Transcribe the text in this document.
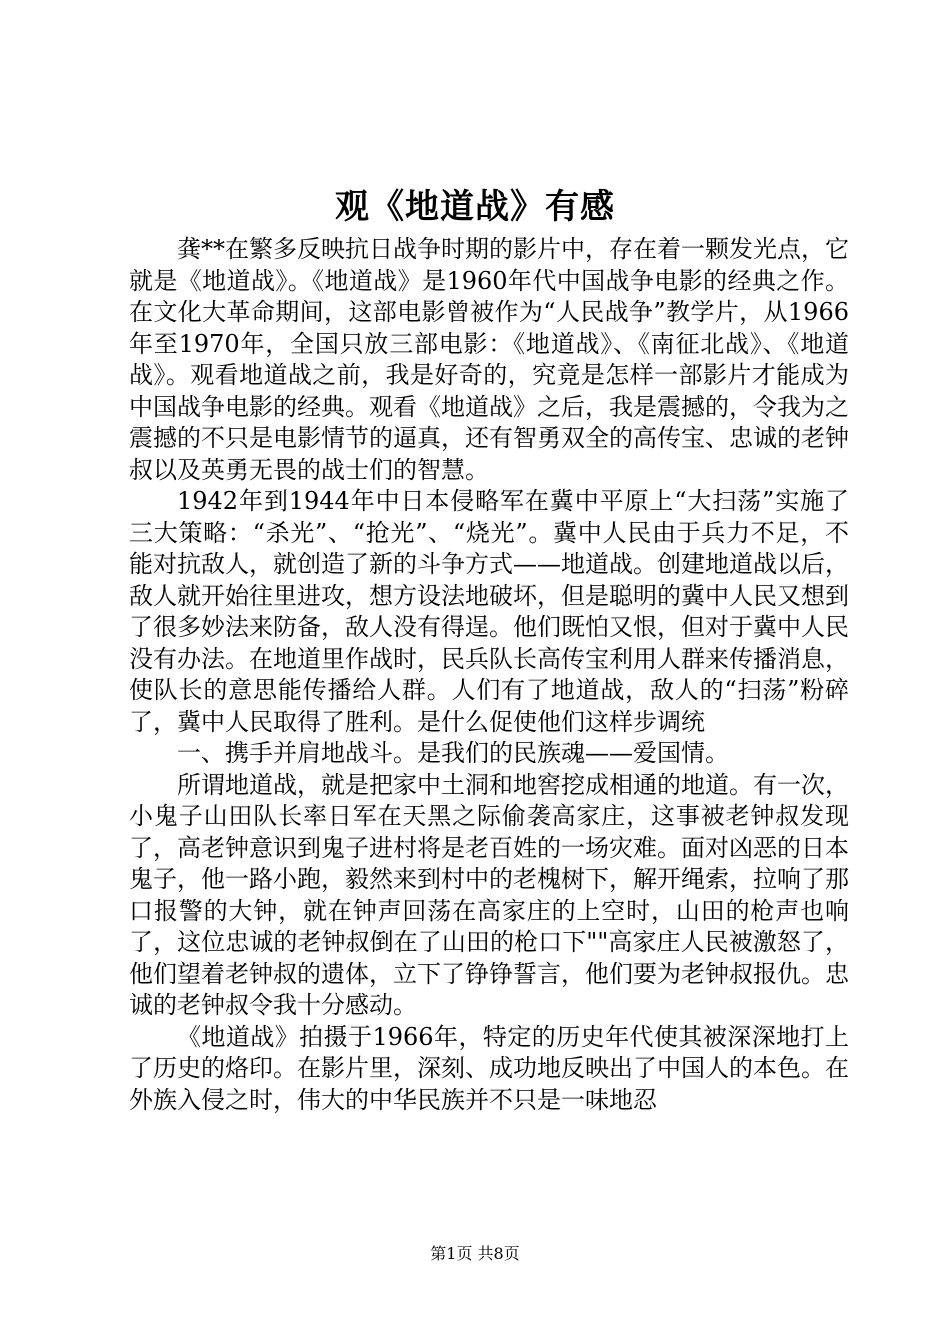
观《地道战》有感

龚**在繁多反映抗日战争时期的影片中，存在着一颗发光点，它就是《地道战》。《地道战》是1960年代中国战争电影的经典之作。在文化大革命期间，这部电影曾被作为“人民战争”教学片，从1966年至1970年，全国只放三部电影：《地道战》、《南征北战》、《地道战》。观看地道战之前，我是好奇的，究竟是怎样一部影片才能成为中国战争电影的经典。观看《地道战》之后，我是震撼的，令我为之震撼的不只是电影情节的逼真，还有智勇双全的高传宝、忠诚的老钟叔以及英勇无畏的战士们的智慧。

1942年到1944年中日本侵略军在冀中平原上“大扫荡”实施了三大策略：“杀光”、“抢光”、“烧光”。冀中人民由于兵力不足，不能对抗敌人，就创造了新的斗争方式——地道战。创建地道战以后，敌人就开始往里进攻，想方设法地破坏，但是聪明的冀中人民又想到了很多妙法来防备，敌人没有得逞。他们既怕又恨，但对于冀中人民没有办法。在地道里作战时，民兵队长高传宝利用人群来传播消息，使队长的意思能传播给人群。人们有了地道战，敌人的“扫荡”粉碎了，冀中人民取得了胜利。是什么促使他们这样步调统

一、携手并肩地战斗。是我们的民族魂——爱国情。

所谓地道战，就是把家中土洞和地窖挖成相通的地道。有一次，小鬼子山田队长率日军在天黑之际偷袭高家庄，这事被老钟叔发现了，高老钟意识到鬼子进村将是老百姓的一场灾难。面对凶恶的日本鬼子，他一路小跑，毅然来到村中的老槐树下，解开绳索，拉响了那口报警的大钟，就在钟声回荡在高家庄的上空时，山田的枪声也响了，这位忠诚的老钟叔倒在了山田的枪口下""高家庄人民被激怒了，他们望着老钟叔的遗体，立下了铮铮誓言，他们要为老钟叔报仇。忠诚的老钟叔令我十分感动。

《地道战》拍摄于1966年，特定的历史年代使其被深深地打上了历史的烙印。在影片里，深刻、成功地反映出了中国人的本色。在外族入侵之时，伟大的中华民族并不只是一味地忍

第1页 共8页
